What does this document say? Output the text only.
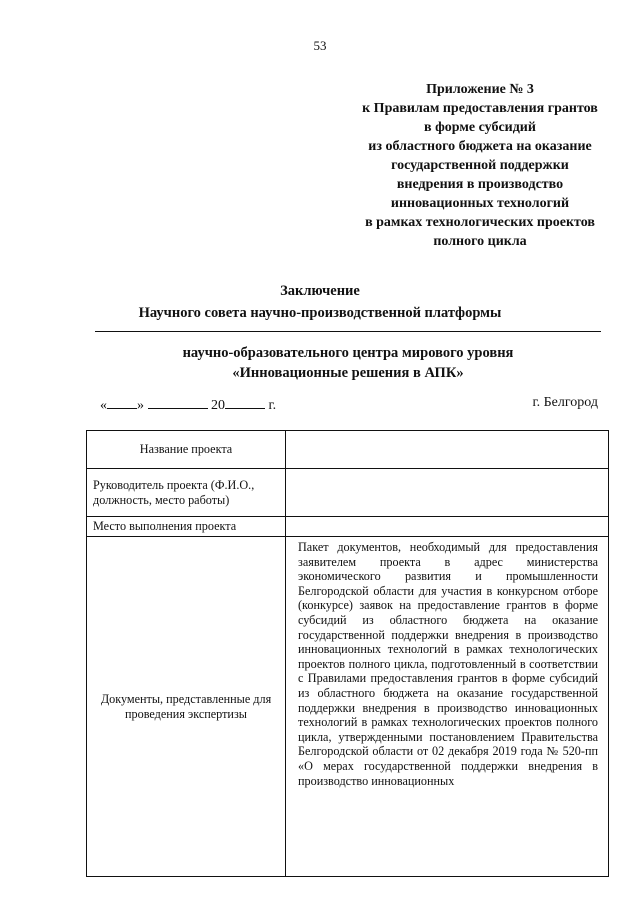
53
Приложение № 3
к Правилам предоставления грантов
в форме субсидий
из областного бюджета на оказание
государственной поддержки
внедрения в производство
инновационных технологий
в рамках технологических проектов
полного цикла
Заключение
Научного совета научно-производственной платформы
научно-образовательного центра мирового уровня
«Инновационные решения в АПК»
« »	20	г.	г. Белгород
Название проекта	
Руководитель проекта (Ф.И.О., должность, место работы)	
Место выполнения проекта	
Документы, представленные для проведения экспертизы	Пакет документов, необходимый для предоставления заявителем проекта в адрес министерства экономического развития и промышленности Белгородской области для участия в конкурсном отборе (конкурсе) заявок на предоставление грантов в форме субсидий из областного бюджета на оказание государственной поддержки внедрения в производство инновационных технологий в рамках технологических проектов полного цикла, подготовленный в соответствии с Правилами предоставления грантов в форме субсидий из областного бюджета на оказание государственной поддержки внедрения в производство инновационных технологий в рамках технологических проектов полного цикла, утвержденными постановлением Правительства Белгородской области от 02 декабря 2019 года № 520-пп «О мерах государственной поддержки внедрения в производство инновационных
